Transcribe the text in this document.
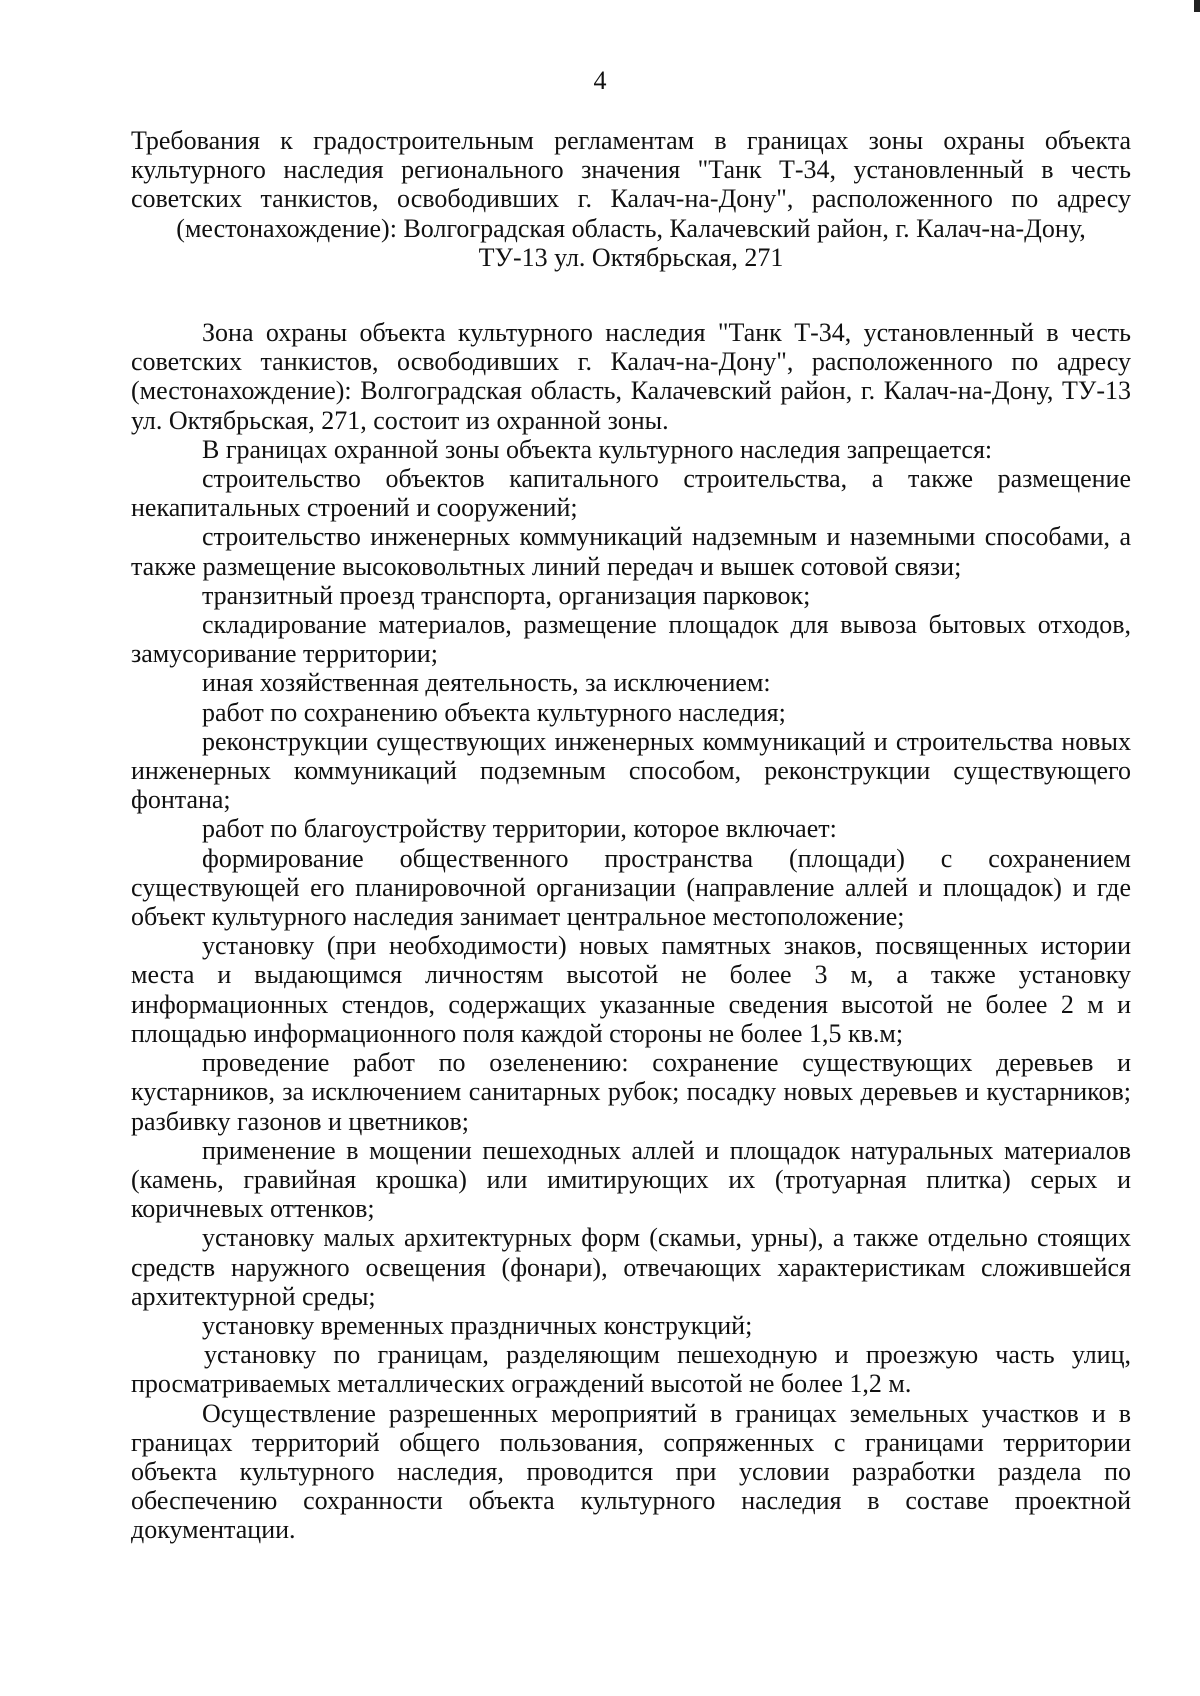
4

Требования к градостроительным регламентам в границах зоны охраны объекта культурного наследия регионального значения "Танк Т-34, установленный в честь советских танкистов, освободивших г. Калач-на-Дону", расположенного по адресу (местонахождение): Волгоградская область, Калачевский район, г. Калач-на-Дону,

ТУ-13 ул. Октябрьская, 271

Зона охраны объекта культурного наследия "Танк Т-34, установленный в честь советских танкистов, освободивших г. Калач-на-Дону", расположенного по адресу (местонахождение): Волгоградская область, Калачевский район, г. Калач-на-Дону, ТУ-13 ул. Октябрьская, 271, состоит из охранной зоны.

В границах охранной зоны объекта культурного наследия запрещается:

строительство объектов капитального строительства, а также размещение некапитальных строений и сооружений;

строительство инженерных коммуникаций надземным и наземными способами, а также размещение высоковольтных линий передач и вышек сотовой связи;

транзитный проезд транспорта, организация парковок;

складирование материалов, размещение площадок для вывоза бытовых отходов, замусоривание территории;

иная хозяйственная деятельность, за исключением:

работ по сохранению объекта культурного наследия;

реконструкции существующих инженерных коммуникаций и строительства новых инженерных коммуникаций подземным способом, реконструкции существующего фонтана;

работ по благоустройству территории, которое включает:

формирование общественного пространства (площади) с сохранением существующей его планировочной организации (направление аллей и площадок) и где объект культурного наследия занимает центральное местоположение;

установку (при необходимости) новых памятных знаков, посвященных истории места и выдающимся личностям высотой не более 3 м, а также установку информационных стендов, содержащих указанные сведения высотой не более 2 м и площадью информационного поля каждой стороны не более 1,5 кв.м;

проведение работ по озеленению: сохранение существующих деревьев и кустарников, за исключением санитарных рубок; посадку новых деревьев и кустарников; разбивку газонов и цветников;

применение в мощении пешеходных аллей и площадок натуральных материалов (камень, гравийная крошка) или имитирующих их (тротуарная плитка) серых и коричневых оттенков;

установку малых архитектурных форм (скамьи, урны), а также отдельно стоящих средств наружного освещения (фонари), отвечающих характеристикам сложившейся архитектурной среды;

установку временных праздничных конструкций;

установку по границам, разделяющим пешеходную и проезжую часть улиц, просматриваемых металлических ограждений высотой не более 1,2 м.

Осуществление разрешенных мероприятий в границах земельных участков и в границах территорий общего пользования, сопряженных с границами территории объекта культурного наследия, проводится при условии разработки раздела по обеспечению сохранности объекта культурного наследия в составе проектной документации.
